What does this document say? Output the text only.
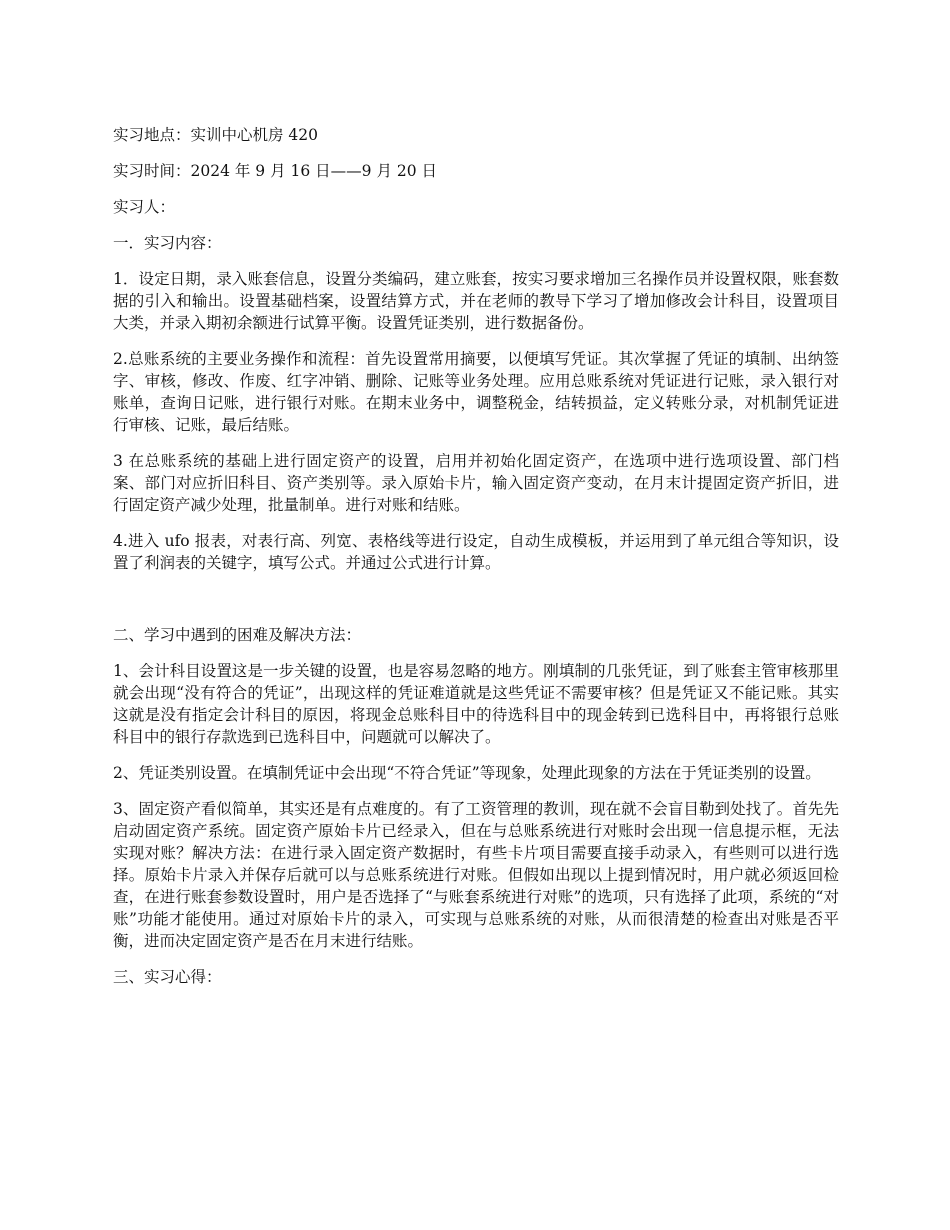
实习地点：实训中心机房 420

实习时间：2024 年 9 月 16 日——9 月 20 日

实习人：

一．实习内容：

1．设定日期，录入账套信息，设置分类编码，建立账套，按实习要求增加三名操作员并设置权限，账套数据的引入和输出。设置基础档案，设置结算方式，并在老师的教导下学习了增加修改会计科目，设置项目大类，并录入期初余额进行试算平衡。设置凭证类别，进行数据备份。

2.总账系统的主要业务操作和流程：首先设置常用摘要，以便填写凭证。其次掌握了凭证的填制、出纳签字、审核，修改、作废、红字冲销、删除、记账等业务处理。应用总账系统对凭证进行记账，录入银行对账单，查询日记账，进行银行对账。在期末业务中，调整税金，结转损益，定义转账分录，对机制凭证进行审核、记账，最后结账。

3 在总账系统的基础上进行固定资产的设置，启用并初始化固定资产，在选项中进行选项设置、部门档案、部门对应折旧科目、资产类别等。录入原始卡片，输入固定资产变动，在月末计提固定资产折旧，进行固定资产减少处理，批量制单。进行对账和结账。

4.进入 ufo 报表，对表行高、列宽、表格线等进行设定，自动生成模板，并运用到了单元组合等知识，设置了利润表的关键字，填写公式。并通过公式进行计算。

二、学习中遇到的困难及解决方法：

1、会计科目设置这是一步关键的设置，也是容易忽略的地方。刚填制的几张凭证，到了账套主管审核那里就会出现“没有符合的凭证”，出现这样的凭证难道就是这些凭证不需要审核？但是凭证又不能记账。其实这就是没有指定会计科目的原因，将现金总账科目中的待选科目中的现金转到已选科目中，再将银行总账科目中的银行存款选到已选科目中，问题就可以解决了。

2、凭证类别设置。在填制凭证中会出现“不符合凭证”等现象，处理此现象的方法在于凭证类别的设置。

3、固定资产看似简单，其实还是有点难度的。有了工资管理的教训，现在就不会盲目勒到处找了。首先先启动固定资产系统。固定资产原始卡片已经录入，但在与总账系统进行对账时会出现一信息提示框，无法实现对账？解决方法：在进行录入固定资产数据时，有些卡片项目需要直接手动录入，有些则可以进行选择。原始卡片录入并保存后就可以与总账系统进行对账。但假如出现以上提到情况时，用户就必须返回检查，在进行账套参数设置时，用户是否选择了“与账套系统进行对账”的选项，只有选择了此项，系统的“对账”功能才能使用。通过对原始卡片的录入，可实现与总账系统的对账，从而很清楚的检查出对账是否平衡，进而决定固定资产是否在月末进行结账。

三、实习心得：
